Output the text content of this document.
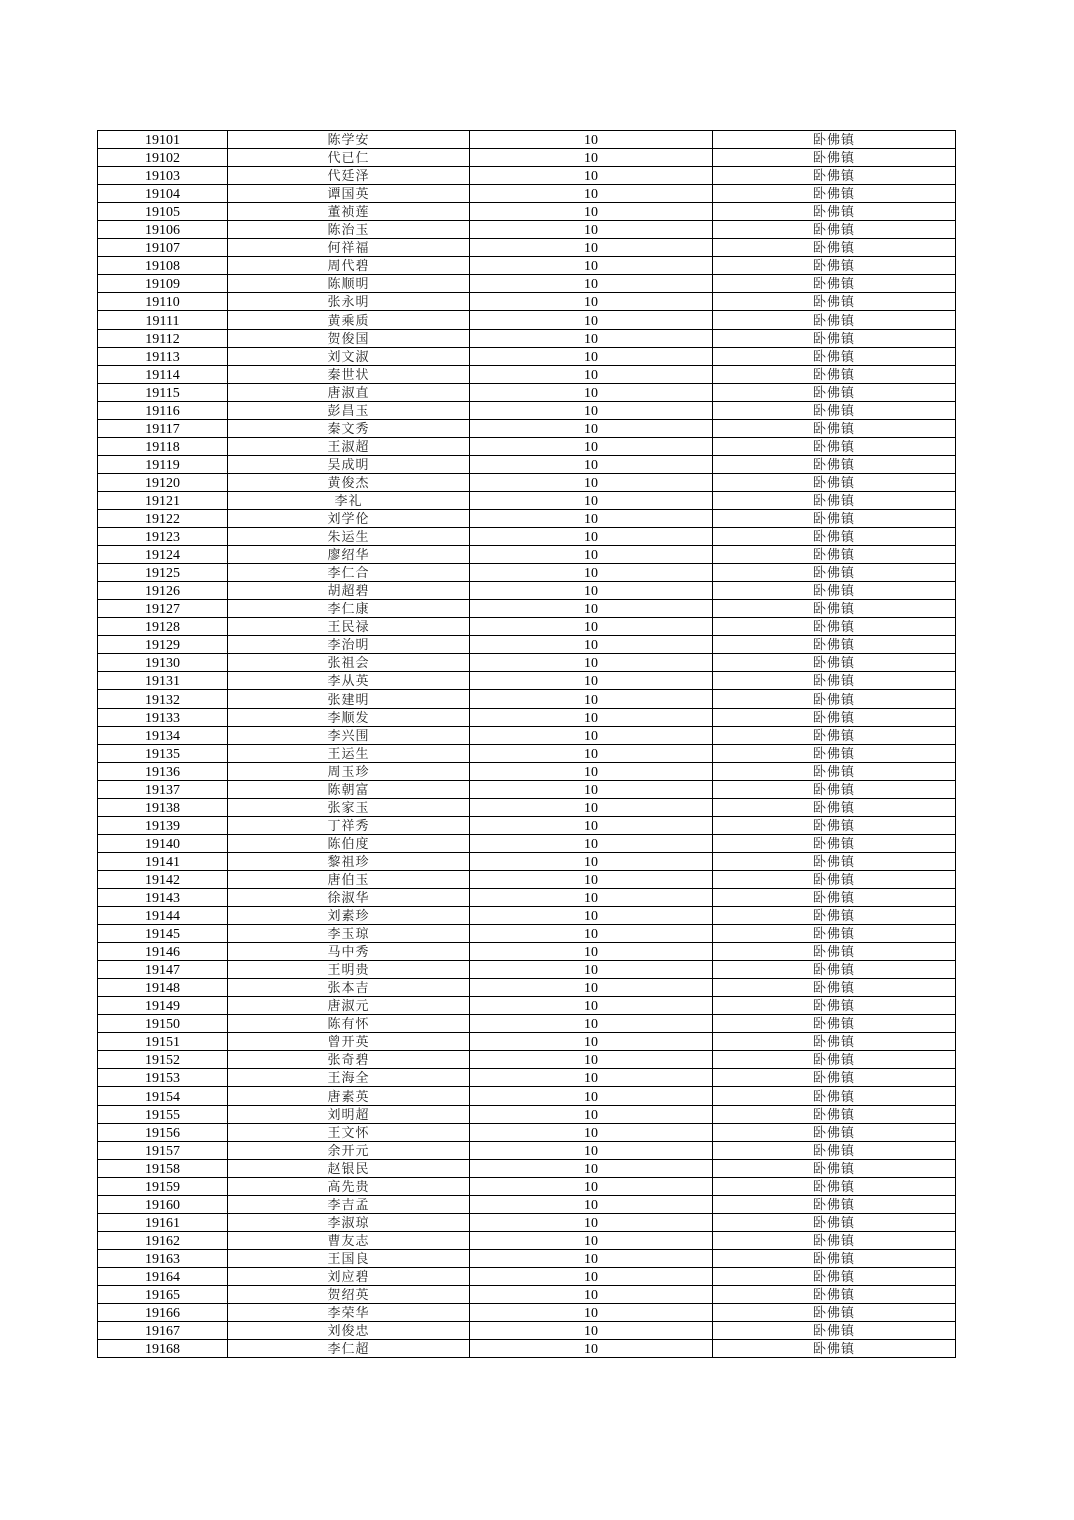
19101	陈学安	10	卧佛镇
19102	代已仁	10	卧佛镇
19103	代廷泽	10	卧佛镇
19104	谭国英	10	卧佛镇
19105	董祯莲	10	卧佛镇
19106	陈治玉	10	卧佛镇
19107	何祥福	10	卧佛镇
19108	周代碧	10	卧佛镇
19109	陈顺明	10	卧佛镇
19110	张永明	10	卧佛镇
19111	黄乘质	10	卧佛镇
19112	贺俊国	10	卧佛镇
19113	刘文淑	10	卧佛镇
19114	秦世状	10	卧佛镇
19115	唐淑直	10	卧佛镇
19116	彭昌玉	10	卧佛镇
19117	秦文秀	10	卧佛镇
19118	王淑超	10	卧佛镇
19119	吴成明	10	卧佛镇
19120	黄俊杰	10	卧佛镇
19121	李礼	10	卧佛镇
19122	刘学伦	10	卧佛镇
19123	朱运生	10	卧佛镇
19124	廖绍华	10	卧佛镇
19125	李仁合	10	卧佛镇
19126	胡超碧	10	卧佛镇
19127	李仁康	10	卧佛镇
19128	王民禄	10	卧佛镇
19129	李治明	10	卧佛镇
19130	张祖会	10	卧佛镇
19131	李从英	10	卧佛镇
19132	张建明	10	卧佛镇
19133	李顺发	10	卧佛镇
19134	李兴围	10	卧佛镇
19135	王运生	10	卧佛镇
19136	周玉珍	10	卧佛镇
19137	陈朝富	10	卧佛镇
19138	张家玉	10	卧佛镇
19139	丁祥秀	10	卧佛镇
19140	陈伯度	10	卧佛镇
19141	黎祖珍	10	卧佛镇
19142	唐伯玉	10	卧佛镇
19143	徐淑华	10	卧佛镇
19144	刘素珍	10	卧佛镇
19145	李玉琼	10	卧佛镇
19146	马中秀	10	卧佛镇
19147	王明贵	10	卧佛镇
19148	张本吉	10	卧佛镇
19149	唐淑元	10	卧佛镇
19150	陈有怀	10	卧佛镇
19151	曾开英	10	卧佛镇
19152	张奇碧	10	卧佛镇
19153	王海全	10	卧佛镇
19154	唐素英	10	卧佛镇
19155	刘明超	10	卧佛镇
19156	王文怀	10	卧佛镇
19157	余开元	10	卧佛镇
19158	赵银民	10	卧佛镇
19159	高先贵	10	卧佛镇
19160	李吉孟	10	卧佛镇
19161	李淑琼	10	卧佛镇
19162	曹友志	10	卧佛镇
19163	王国良	10	卧佛镇
19164	刘应碧	10	卧佛镇
19165	贺绍英	10	卧佛镇
19166	李荣华	10	卧佛镇
19167	刘俊忠	10	卧佛镇
19168	李仁超	10	卧佛镇
